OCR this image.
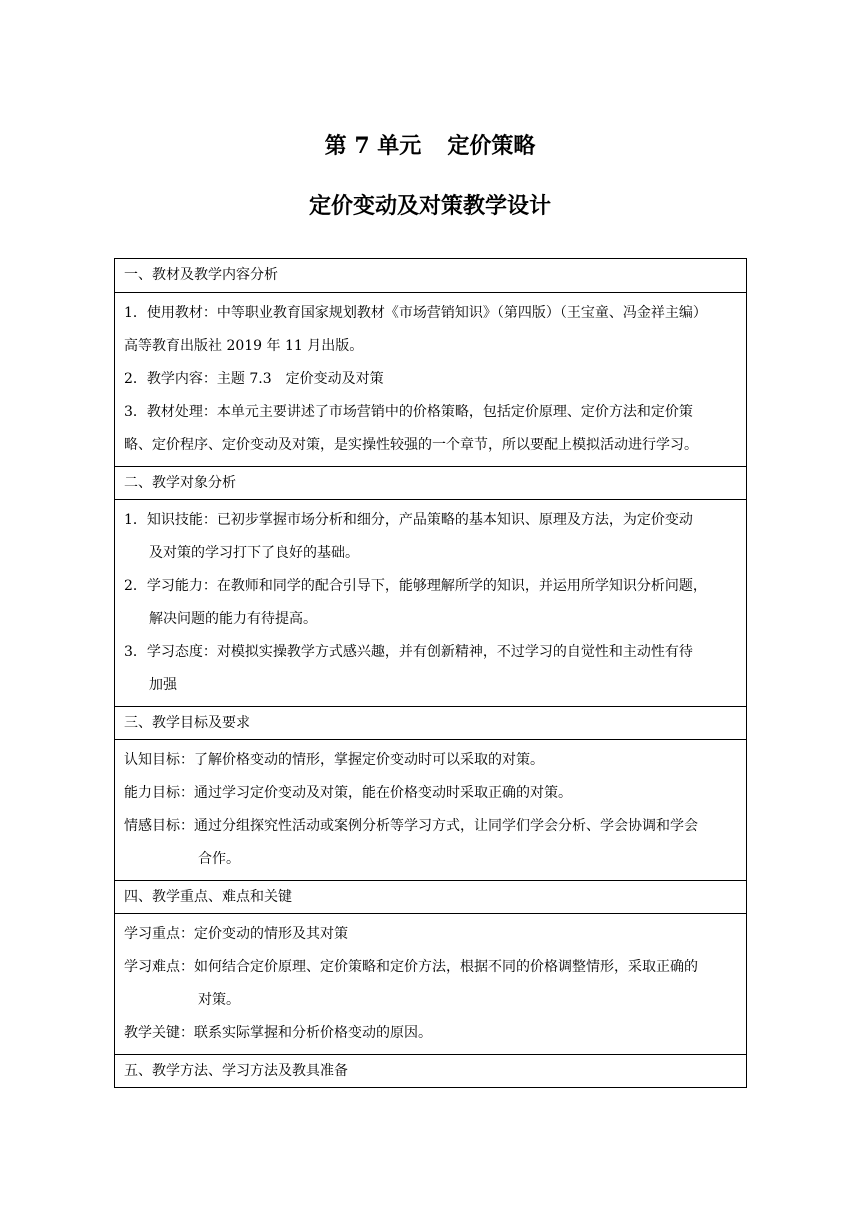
第 7 单元 定价策略
定价变动及对策教学设计
一、教材及教学内容分析
1．使用教材：中等职业教育国家规划教材《市场营销知识》（第四版）（王宝童、冯金祥主编）
高等教育出版社 2019 年 11 月出版。
2．教学内容：主题 7.3　定价变动及对策
3．教材处理：本单元主要讲述了市场营销中的价格策略，包括定价原理、定价方法和定价策
略、定价程序、定价变动及对策，是实操性较强的一个章节，所以要配上模拟活动进行学习。
二、教学对象分析
1．知识技能：已初步掌握市场分析和细分，产品策略的基本知识、原理及方法，为定价变动
及对策的学习打下了良好的基础。
2．学习能力：在教师和同学的配合引导下，能够理解所学的知识，并运用所学知识分析问题，
解决问题的能力有待提高。
3．学习态度：对模拟实操教学方式感兴趣，并有创新精神，不过学习的自觉性和主动性有待
加强
三、教学目标及要求
认知目标：了解价格变动的情形，掌握定价变动时可以采取的对策。
能力目标：通过学习定价变动及对策，能在价格变动时采取正确的对策。
情感目标：通过分组探究性活动或案例分析等学习方式，让同学们学会分析、学会协调和学会
合作。
四、教学重点、难点和关键
学习重点：定价变动的情形及其对策
学习难点：如何结合定价原理、定价策略和定价方法，根据不同的价格调整情形，采取正确的
对策。
教学关键：联系实际掌握和分析价格变动的原因。
五、教学方法、学习方法及教具准备
